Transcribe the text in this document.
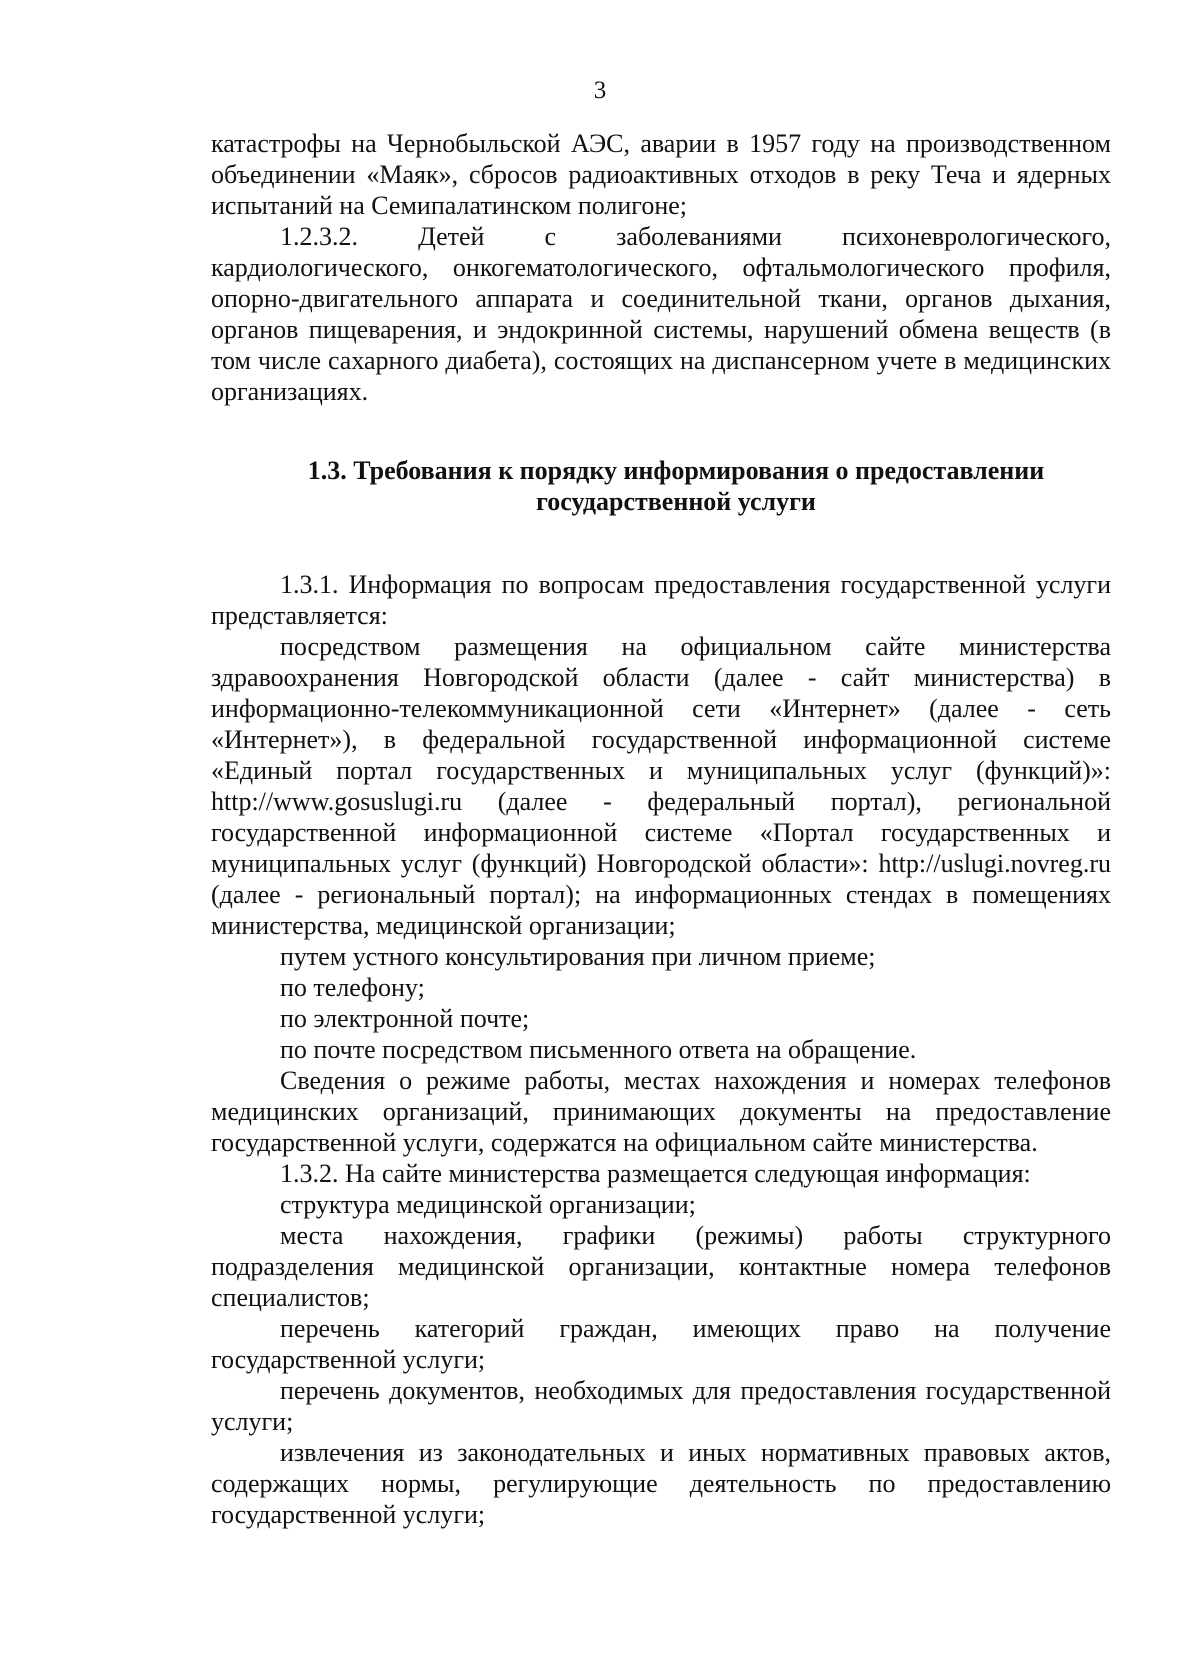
3

катастрофы на Чернобыльской АЭС, аварии в 1957 году на производственном объединении «Маяк», сбросов радиоактивных отходов в реку Теча и ядерных испытаний на Семипалатинском полигоне;

1.2.3.2. Детей с заболеваниями психоневрологического, кардиологического, онкогематологического, офтальмологического профиля, опорно-двигательного аппарата и соединительной ткани, органов дыхания, органов пищеварения, и эндокринной системы, нарушений обмена веществ (в том числе сахарного диабета), состоящих на диспансерном учете в медицинских организациях.

1.3. Требования к порядку информирования о предоставлении
государственной услуги

1.3.1. Информация по вопросам предоставления государственной услуги представляется:

посредством размещения на официальном сайте министерства здравоохранения Новгородской области (далее - сайт министерства) в информационно-телекоммуникационной сети «Интернет» (далее - сеть «Интернет»), в федеральной государственной информационной системе «Единый портал государственных и муниципальных услуг (функций)»: http://www.gosuslugi.ru (далее - федеральный портал), региональной государственной информационной системе «Портал государственных и муниципальных услуг (функций) Новгородской области»: http://uslugi.novreg.ru (далее - региональный портал); на информационных стендах в помещениях министерства, медицинской организации;

путем устного консультирования при личном приеме;

по телефону;

по электронной почте;

по почте посредством письменного ответа на обращение.

Сведения о режиме работы, местах нахождения и номерах телефонов медицинских организаций, принимающих документы на предоставление государственной услуги, содержатся на официальном сайте министерства.

1.3.2. На сайте министерства размещается следующая информация:

структура медицинской организации;

места нахождения, графики (режимы) работы структурного подразделения медицинской организации, контактные номера телефонов специалистов;

перечень категорий граждан, имеющих право на получение государственной услуги;

перечень документов, необходимых для предоставления государственной услуги;

извлечения из законодательных и иных нормативных правовых актов, содержащих нормы, регулирующие деятельность по предоставлению государственной услуги;
